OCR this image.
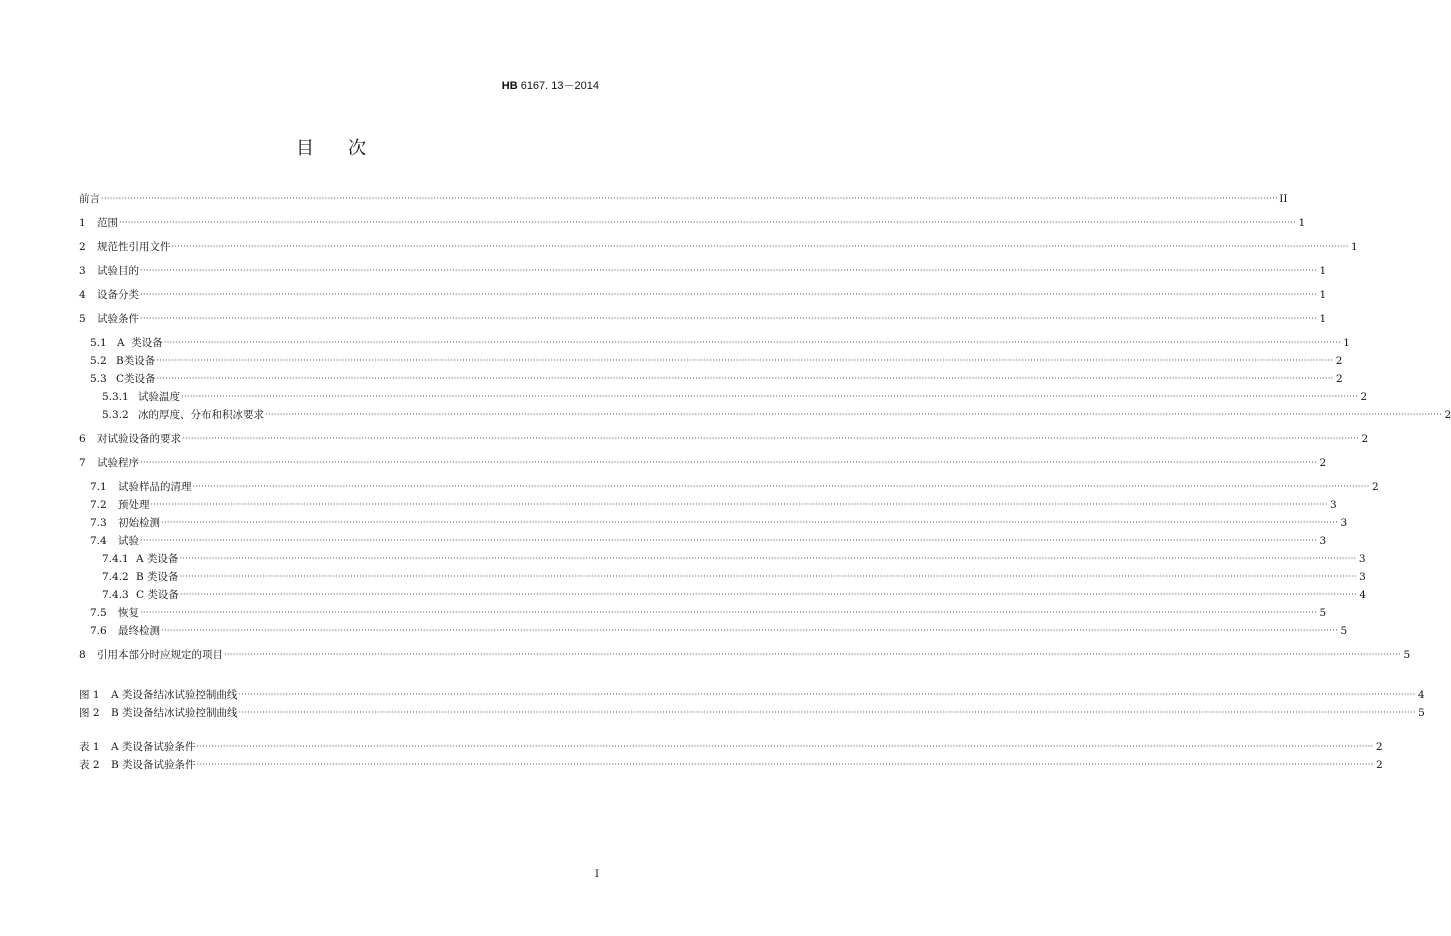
HB 6167. 13－2014
目 次
前言 ················································································································································································································································································································································································································ II
1	范围 ················································································································································································································································································································································································································ 1
2	规范性引用文件 ················································································································································································································································································································································································································ 1
3	试验目的 ················································································································································································································································································································································································································ 1
4	设备分类 ················································································································································································································································································································································································································ 1
5	试验条件 ················································································································································································································································································································································································································ 1
5.1 A  类设备 ················································································································································································································································································································································································································ 1
5.2 B类设备 ················································································································································································································································································································································································································ 2
5.3 C类设备 ················································································································································································································································································································································································································ 2
5.3.1 试验温度 ················································································································································································································································································································································································································ 2
5.3.2 冰的厚度、分布和积冰要求 ················································································································································································································································································································································································································ 2
6	对试验设备的要求 ················································································································································································································································································································································································································ 2
7	试验程序 ················································································································································································································································································································································································································ 2
7.1	试验样品的清理 ················································································································································································································································································································································································································ 2
7.2	预处理 ················································································································································································································································································································································································································ 3
7.3	初始检测 ················································································································································································································································································································································································································ 3
7.4	试验 ················································································································································································································································································································································································································ 3
7.4.1 A 类设备 ················································································································································································································································································································································································································ 3
7.4.2 B 类设备 ················································································································································································································································································································································································································ 3
7.4.3 C 类设备 ················································································································································································································································································································································································································ 4
7.5	恢复 ················································································································································································································································································································································································································ 5
7.6	最终检测 ················································································································································································································································································································································································································ 5
8	引用本部分时应规定的项目 ················································································································································································································································································································································································································ 5
图 1	A 类设备结冰试验控制曲线 ················································································································································································································································································································································································································ 4
图 2	B 类设备结冰试验控制曲线 ················································································································································································································································································································································································································ 5
表 1	A 类设备试验条件 ················································································································································································································································································································································································································ 2
表 2	B 类设备试验条件 ················································································································································································································································································································································································································ 2
I
